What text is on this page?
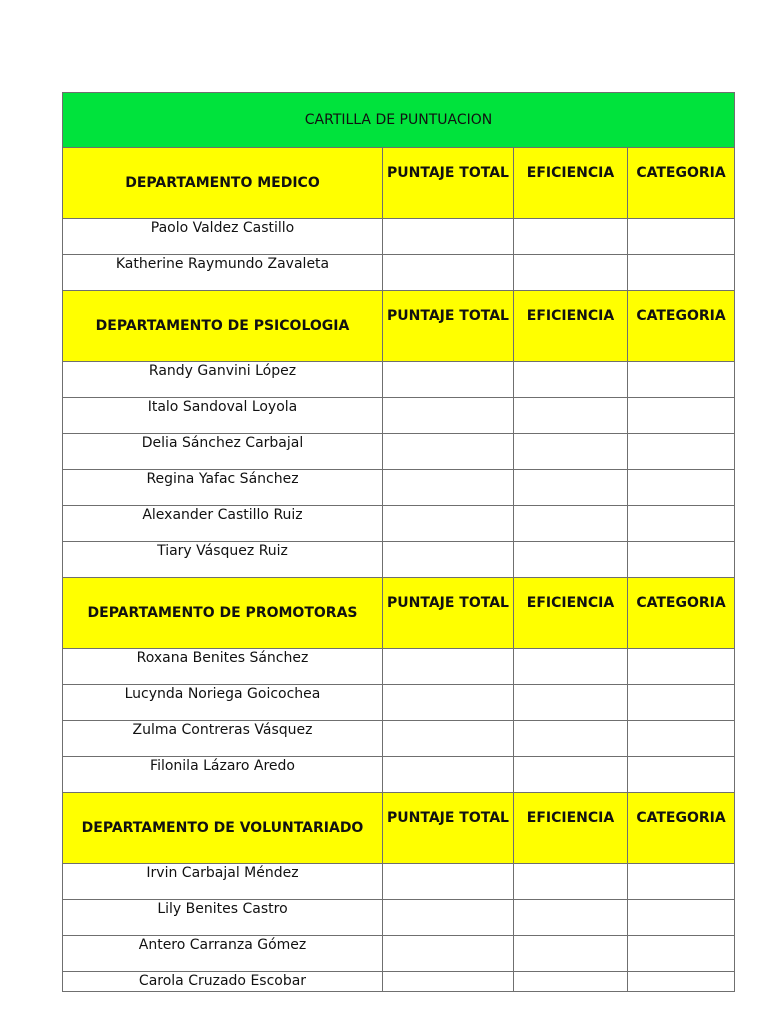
CARTILLA DE PUNTUACION			
DEPARTAMENTO MEDICO	PUNTAJE TOTAL	EFICIENCIA	CATEGORIA
Paolo Valdez Castillo			
Katherine Raymundo Zavaleta			
DEPARTAMENTO DE PSICOLOGIA	PUNTAJE TOTAL	EFICIENCIA	CATEGORIA
Randy Ganvini López			
Italo Sandoval Loyola			
Delia Sánchez Carbajal			
Regina Yafac Sánchez			
Alexander Castillo Ruiz			
Tiary Vásquez Ruiz			
DEPARTAMENTO DE PROMOTORAS	PUNTAJE TOTAL	EFICIENCIA	CATEGORIA
Roxana Benites Sánchez			
Lucynda Noriega Goicochea			
Zulma Contreras Vásquez			
Filonila Lázaro Aredo			
DEPARTAMENTO DE VOLUNTARIADO	PUNTAJE TOTAL	EFICIENCIA	CATEGORIA
Irvin Carbajal Méndez			
Lily Benites Castro			
Antero Carranza Gómez			
Carola Cruzado Escobar			
